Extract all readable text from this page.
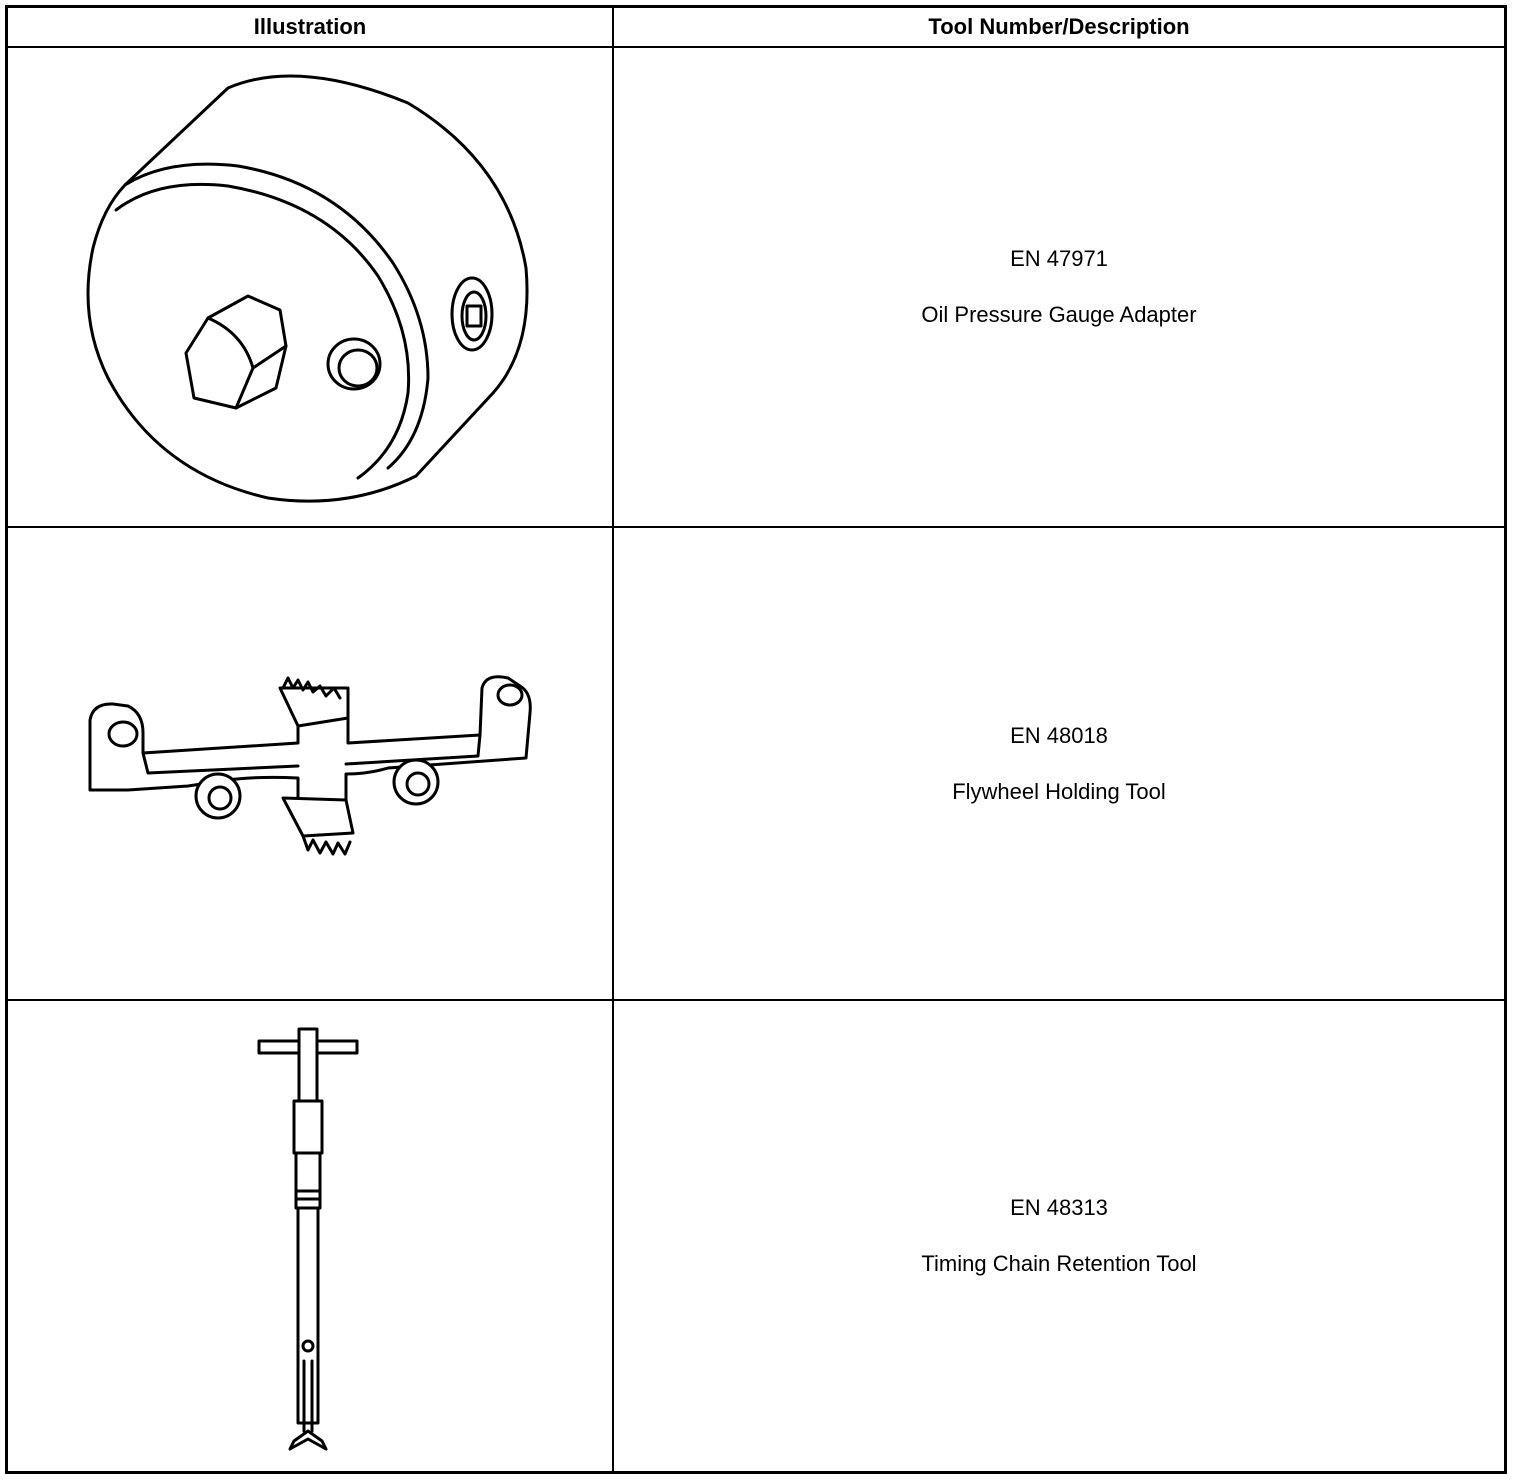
Illustration	Tool Number/Description
EN 47971
Oil Pressure Gauge Adapter
EN 48018
Flywheel Holding Tool
EN 48313
Timing Chain Retention Tool
